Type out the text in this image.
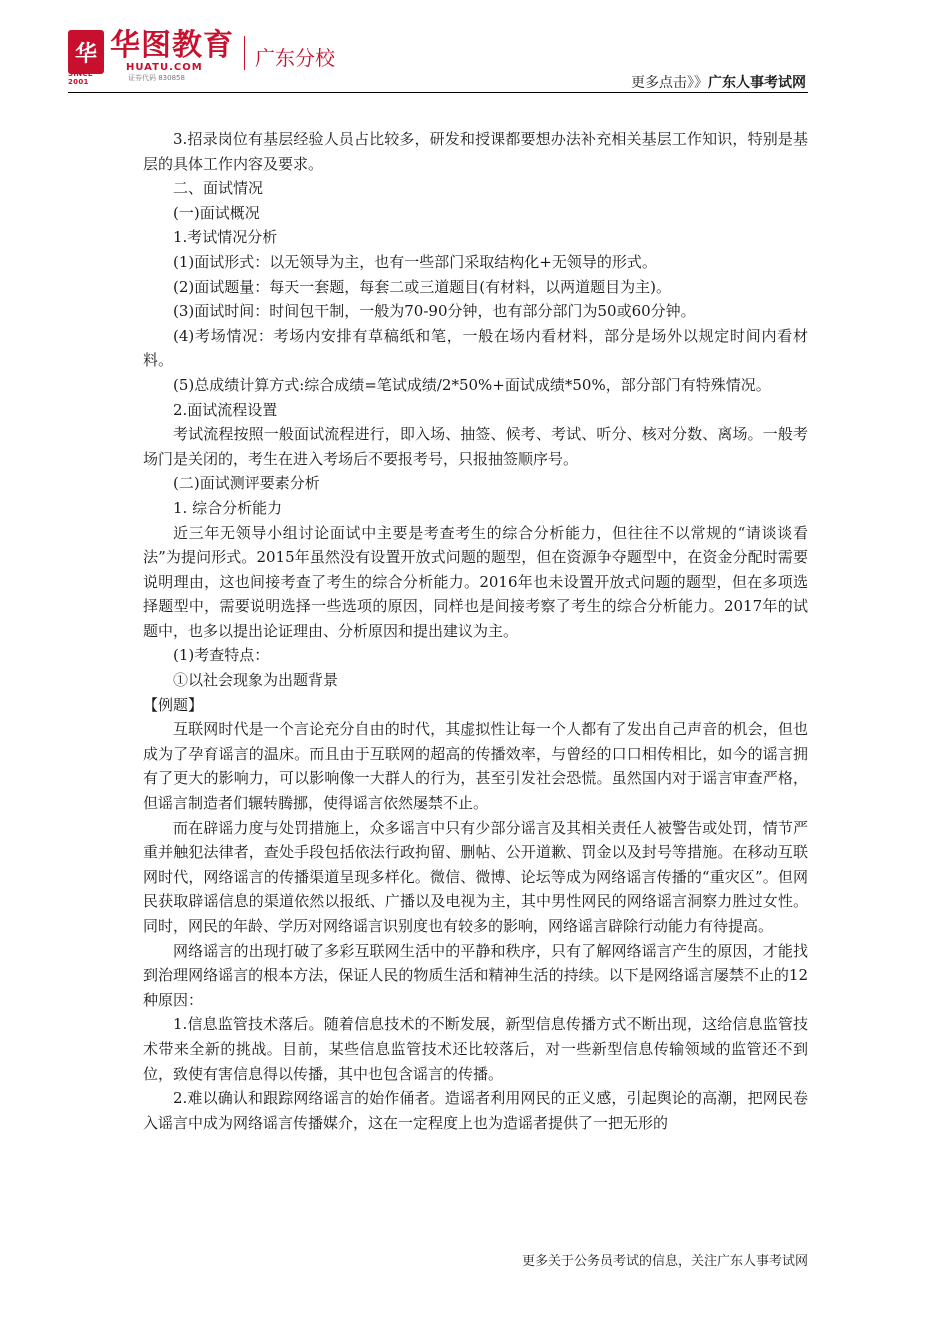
华
SINCE 2001
华图教育
HUATU.COM
证券代码 830858
广东分校
更多点击》》广东人事考试网

3.招录岗位有基层经验人员占比较多，研发和授课都要想办法补充相关基层工作知识，特别是基层的具体工作内容及要求。

二、面试情况

(一)面试概况

1.考试情况分析

(1)面试形式：以无领导为主，也有一些部门采取结构化+无领导的形式。

(2)面试题量：每天一套题，每套二或三道题目(有材料，以两道题目为主)。

(3)面试时间：时间包干制，一般为70-90分钟，也有部分部门为50或60分钟。

(4)考场情况：考场内安排有草稿纸和笔，一般在场内看材料，部分是场外以规定时间内看材料。

(5)总成绩计算方式:综合成绩=笔试成绩/2*50%+面试成绩*50%，部分部门有特殊情况。

2.面试流程设置

考试流程按照一般面试流程进行，即入场、抽签、候考、考试、听分、核对分数、离场。一般考场门是关闭的，考生在进入考场后不要报考号，只报抽签顺序号。

(二)面试测评要素分析

1. 综合分析能力

近三年无领导小组讨论面试中主要是考查考生的综合分析能力，但往往不以常规的“请谈谈看法”为提问形式。2015年虽然没有设置开放式问题的题型，但在资源争夺题型中，在资金分配时需要说明理由，这也间接考查了考生的综合分析能力。2016年也未设置开放式问题的题型，但在多项选择题型中，需要说明选择一些选项的原因，同样也是间接考察了考生的综合分析能力。2017年的试题中，也多以提出论证理由、分析原因和提出建议为主。

(1)考查特点：

①以社会现象为出题背景

【例题】

互联网时代是一个言论充分自由的时代，其虚拟性让每一个人都有了发出自己声音的机会，但也成为了孕育谣言的温床。而且由于互联网的超高的传播效率，与曾经的口口相传相比，如今的谣言拥有了更大的影响力，可以影响像一大群人的行为，甚至引发社会恐慌。虽然国内对于谣言审查严格，但谣言制造者们辗转腾挪，使得谣言依然屡禁不止。

而在辟谣力度与处罚措施上，众多谣言中只有少部分谣言及其相关责任人被警告或处罚，情节严重并触犯法律者，查处手段包括依法行政拘留、删帖、公开道歉、罚金以及封号等措施。在移动互联网时代，网络谣言的传播渠道呈现多样化。微信、微博、论坛等成为网络谣言传播的“重灾区”。但网民获取辟谣信息的渠道依然以报纸、广播以及电视为主，其中男性网民的网络谣言洞察力胜过女性。同时，网民的年龄、学历对网络谣言识别度也有较多的影响，网络谣言辟除行动能力有待提高。

网络谣言的出现打破了多彩互联网生活中的平静和秩序，只有了解网络谣言产生的原因，才能找到治理网络谣言的根本方法，保证人民的物质生活和精神生活的持续。以下是网络谣言屡禁不止的12种原因：

1.信息监管技术落后。随着信息技术的不断发展，新型信息传播方式不断出现，这给信息监管技术带来全新的挑战。目前，某些信息监管技术还比较落后，对一些新型信息传输领域的监管还不到位，致使有害信息得以传播，其中也包含谣言的传播。

2.难以确认和跟踪网络谣言的始作俑者。造谣者利用网民的正义感，引起舆论的高潮，把网民卷入谣言中成为网络谣言传播媒介，这在一定程度上也为造谣者提供了一把无形的

更多关于公务员考试的信息，关注广东人事考试网
